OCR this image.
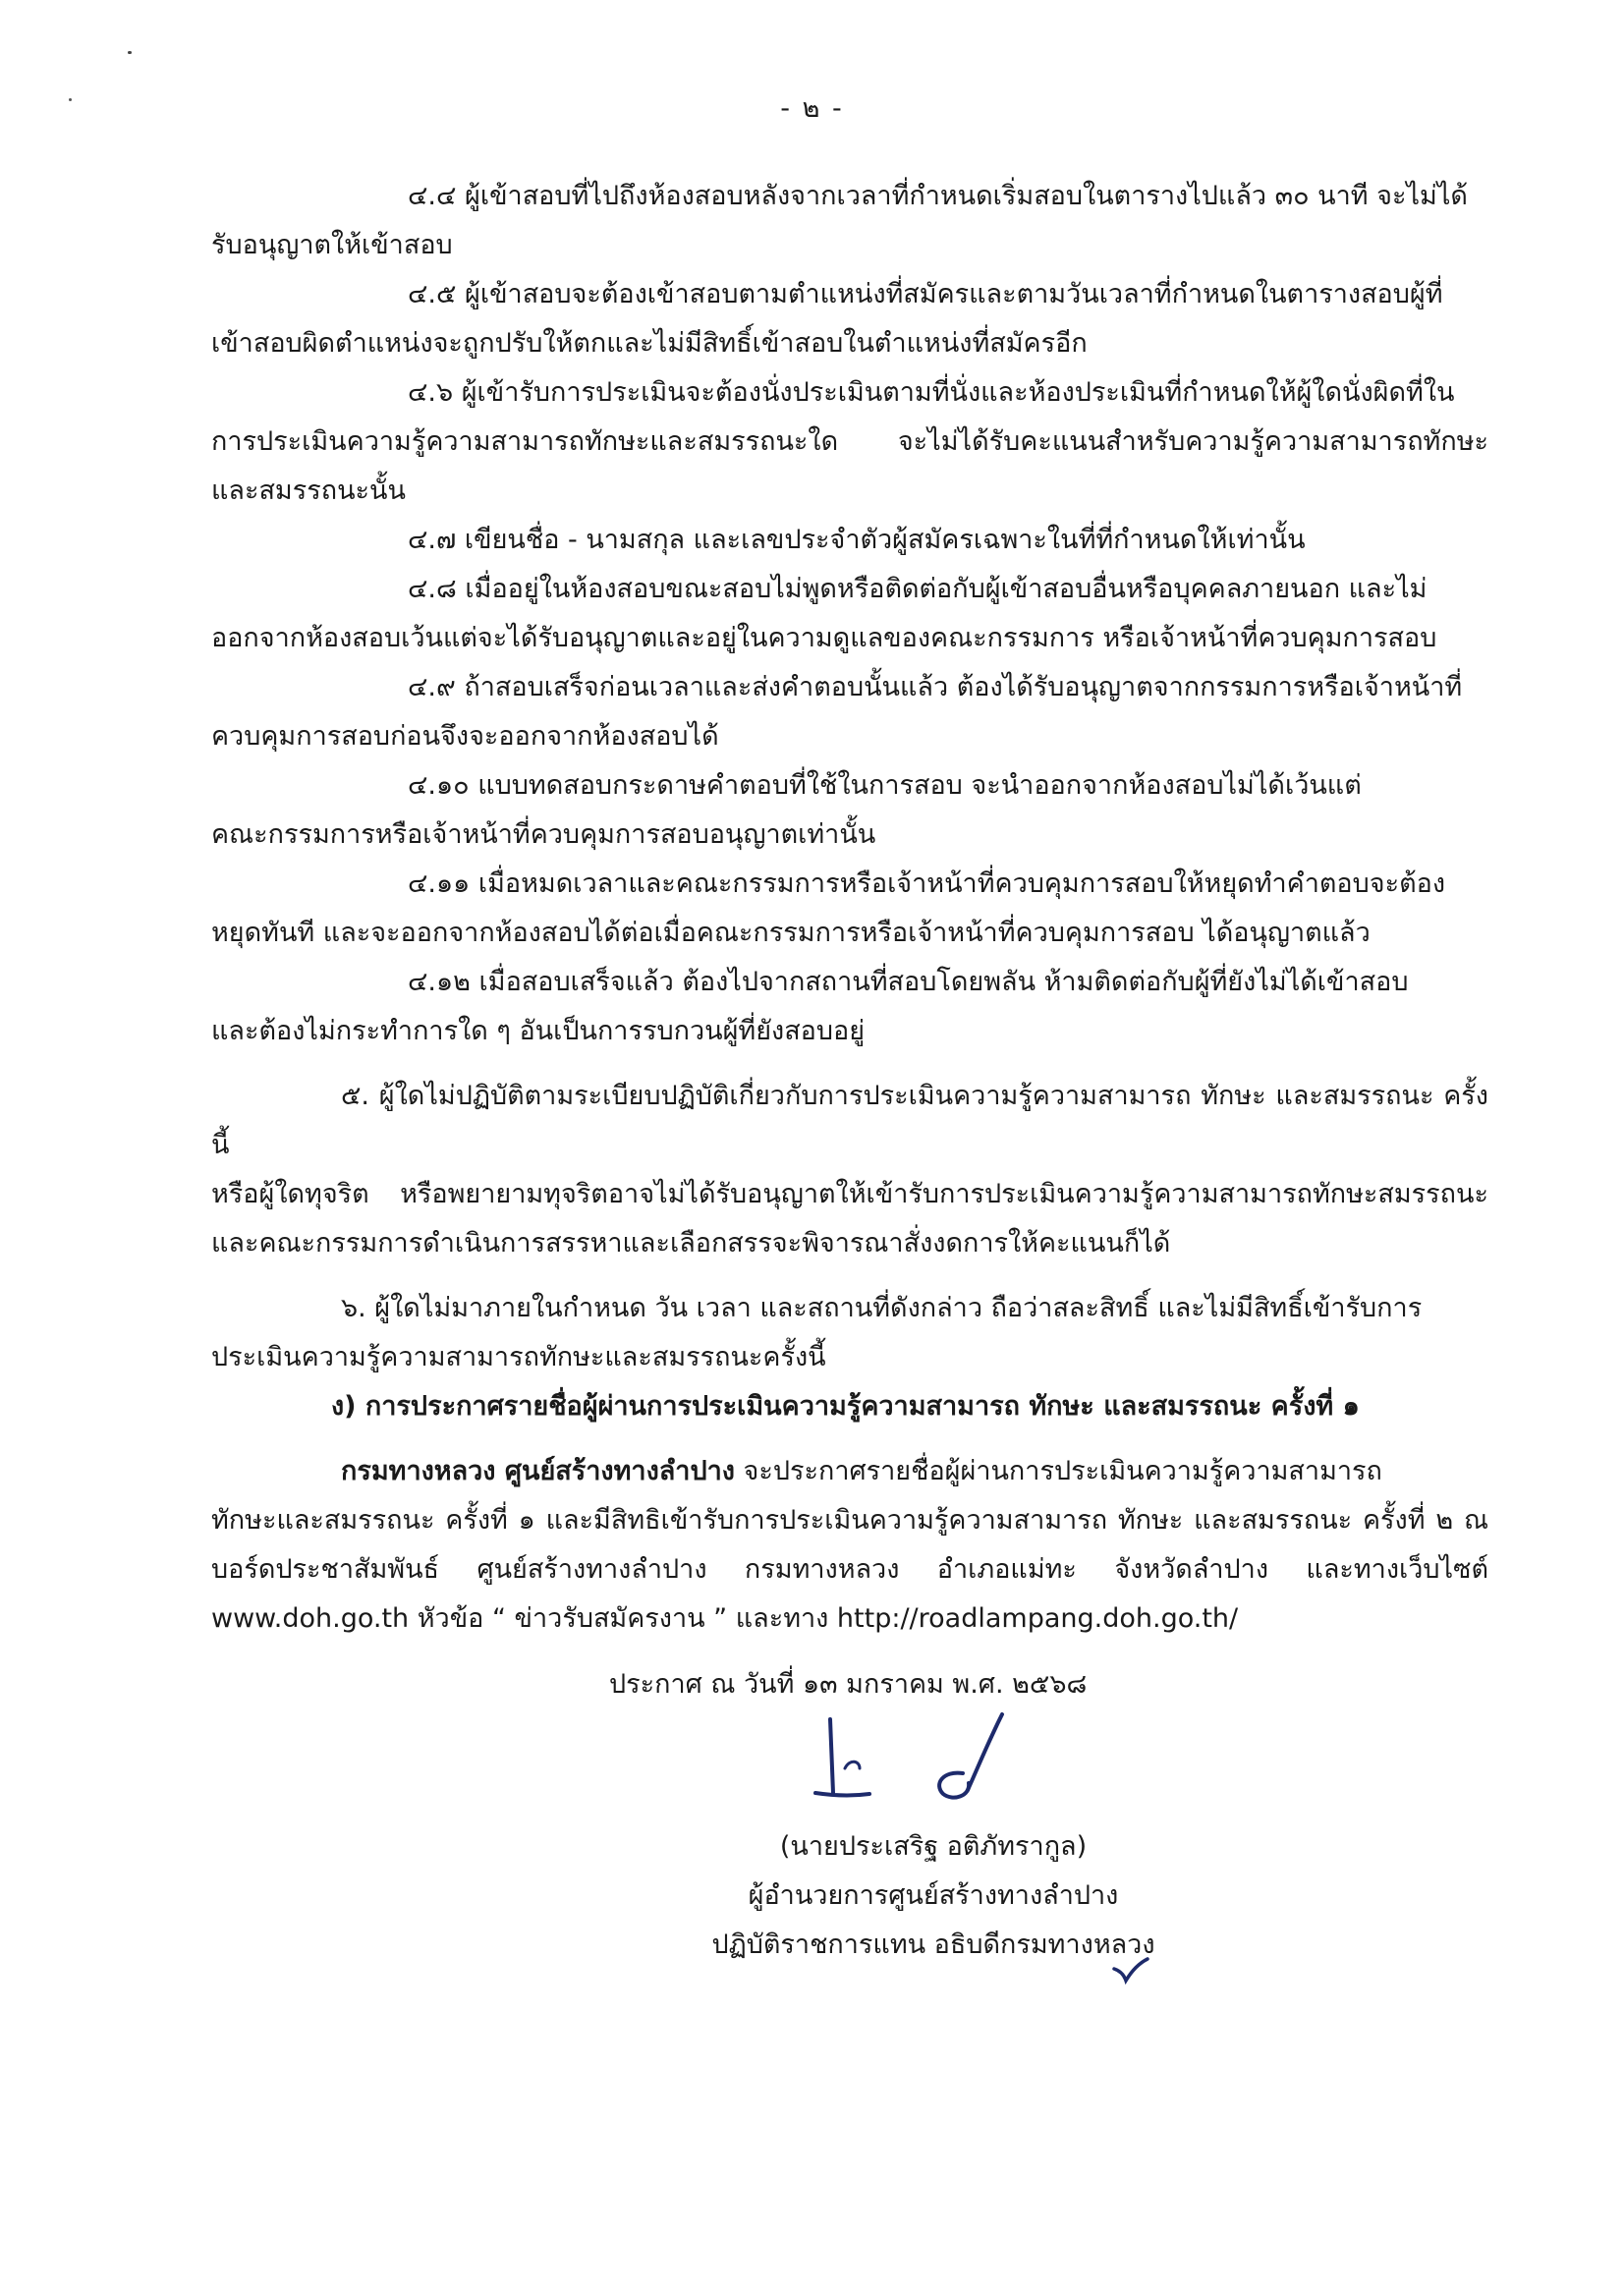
- ๒ -

๔.๔ ผู้เข้าสอบที่ไปถึงห้องสอบหลังจากเวลาที่กำหนดเริ่มสอบในตารางไปแล้ว ๓๐ นาที จะไม่ได้
รับอนุญาตให้เข้าสอบ

๔.๕ ผู้เข้าสอบจะต้องเข้าสอบตามตำแหน่งที่สมัครและตามวันเวลาที่กำหนดในตารางสอบผู้ที่
เข้าสอบผิดตำแหน่งจะถูกปรับให้ตกและไม่มีสิทธิ์เข้าสอบในตำแหน่งที่สมัครอีก

๔.๖ ผู้เข้ารับการประเมินจะต้องนั่งประเมินตามที่นั่งและห้องประเมินที่กำหนดให้ผู้ใดนั่งผิดที่ใน
การประเมินความรู้ความสามารถทักษะและสมรรถนะใด จะไม่ได้รับคะแนนสำหรับความรู้ความสามารถทักษะ และสมรรถนะนั้น

๔.๗ เขียนชื่อ - นามสกุล และเลขประจำตัวผู้สมัครเฉพาะในที่ที่กำหนดให้เท่านั้น

๔.๘ เมื่ออยู่ในห้องสอบขณะสอบไม่พูดหรือติดต่อกับผู้เข้าสอบอื่นหรือบุคคลภายนอก และไม่
ออกจากห้องสอบเว้นแต่จะได้รับอนุญาตและอยู่ในความดูแลของคณะกรรมการ หรือเจ้าหน้าที่ควบคุมการสอบ

๔.๙ ถ้าสอบเสร็จก่อนเวลาและส่งคำตอบนั้นแล้ว ต้องได้รับอนุญาตจากกรรมการหรือเจ้าหน้าที่
ควบคุมการสอบก่อนจึงจะออกจากห้องสอบได้

๔.๑๐ แบบทดสอบกระดาษคำตอบที่ใช้ในการสอบ จะนำออกจากห้องสอบไม่ได้เว้นแต่
คณะกรรมการหรือเจ้าหน้าที่ควบคุมการสอบอนุญาตเท่านั้น

๔.๑๑ เมื่อหมดเวลาและคณะกรรมการหรือเจ้าหน้าที่ควบคุมการสอบให้หยุดทำคำตอบจะต้อง
หยุดทันที และจะออกจากห้องสอบได้ต่อเมื่อคณะกรรมการหรือเจ้าหน้าที่ควบคุมการสอบ ได้อนุญาตแล้ว

๔.๑๒ เมื่อสอบเสร็จแล้ว ต้องไปจากสถานที่สอบโดยพลัน ห้ามติดต่อกับผู้ที่ยังไม่ได้เข้าสอบ
และต้องไม่กระทำการใด ๆ อันเป็นการรบกวนผู้ที่ยังสอบอยู่

๕. ผู้ใดไม่ปฏิบัติตามระเบียบปฏิบัติเกี่ยวกับการประเมินความรู้ความสามารถ ทักษะ และสมรรถนะ ครั้งนี้
หรือผู้ใดทุจริต หรือพยายามทุจริตอาจไม่ได้รับอนุญาตให้เข้ารับการประเมินความรู้ความสามารถทักษะสมรรถนะ และคณะกรรมการดำเนินการสรรหาและเลือกสรรจะพิจารณาสั่งงดการให้คะแนนก็ได้

๖. ผู้ใดไม่มาภายในกำหนด วัน เวลา และสถานที่ดังกล่าว ถือว่าสละสิทธิ์ และไม่มีสิทธิ์เข้ารับการ
ประเมินความรู้ความสามารถทักษะและสมรรถนะครั้งนี้

ง) การประกาศรายชื่อผู้ผ่านการประเมินความรู้ความสามารถ ทักษะ และสมรรถนะ ครั้งที่ ๑

กรมทางหลวง ศูนย์สร้างทางลำปาง จะประกาศรายชื่อผู้ผ่านการประเมินความรู้ความสามารถ
ทักษะและสมรรถนะ ครั้งที่ ๑ และมีสิทธิเข้ารับการประเมินความรู้ความสามารถ ทักษะ และสมรรถนะ ครั้งที่ ๒ ณ บอร์ดประชาสัมพันธ์ ศูนย์สร้างทางลำปาง กรมทางหลวง อำเภอแม่ทะ จังหวัดลำปาง และทางเว็บไซต์ www.doh.go.th หัวข้อ “ ข่าวรับสมัครงาน ” และทาง http://roadlampang.doh.go.th/

ประกาศ ณ วันที่ ๑๓ มกราคม พ.ศ. ๒๕๖๘
(นายประเสริฐ อติภัทรากูล)
ผู้อำนวยการศูนย์สร้างทางลำปาง
ปฏิบัติราชการแทน อธิบดีกรมทางหลวง
